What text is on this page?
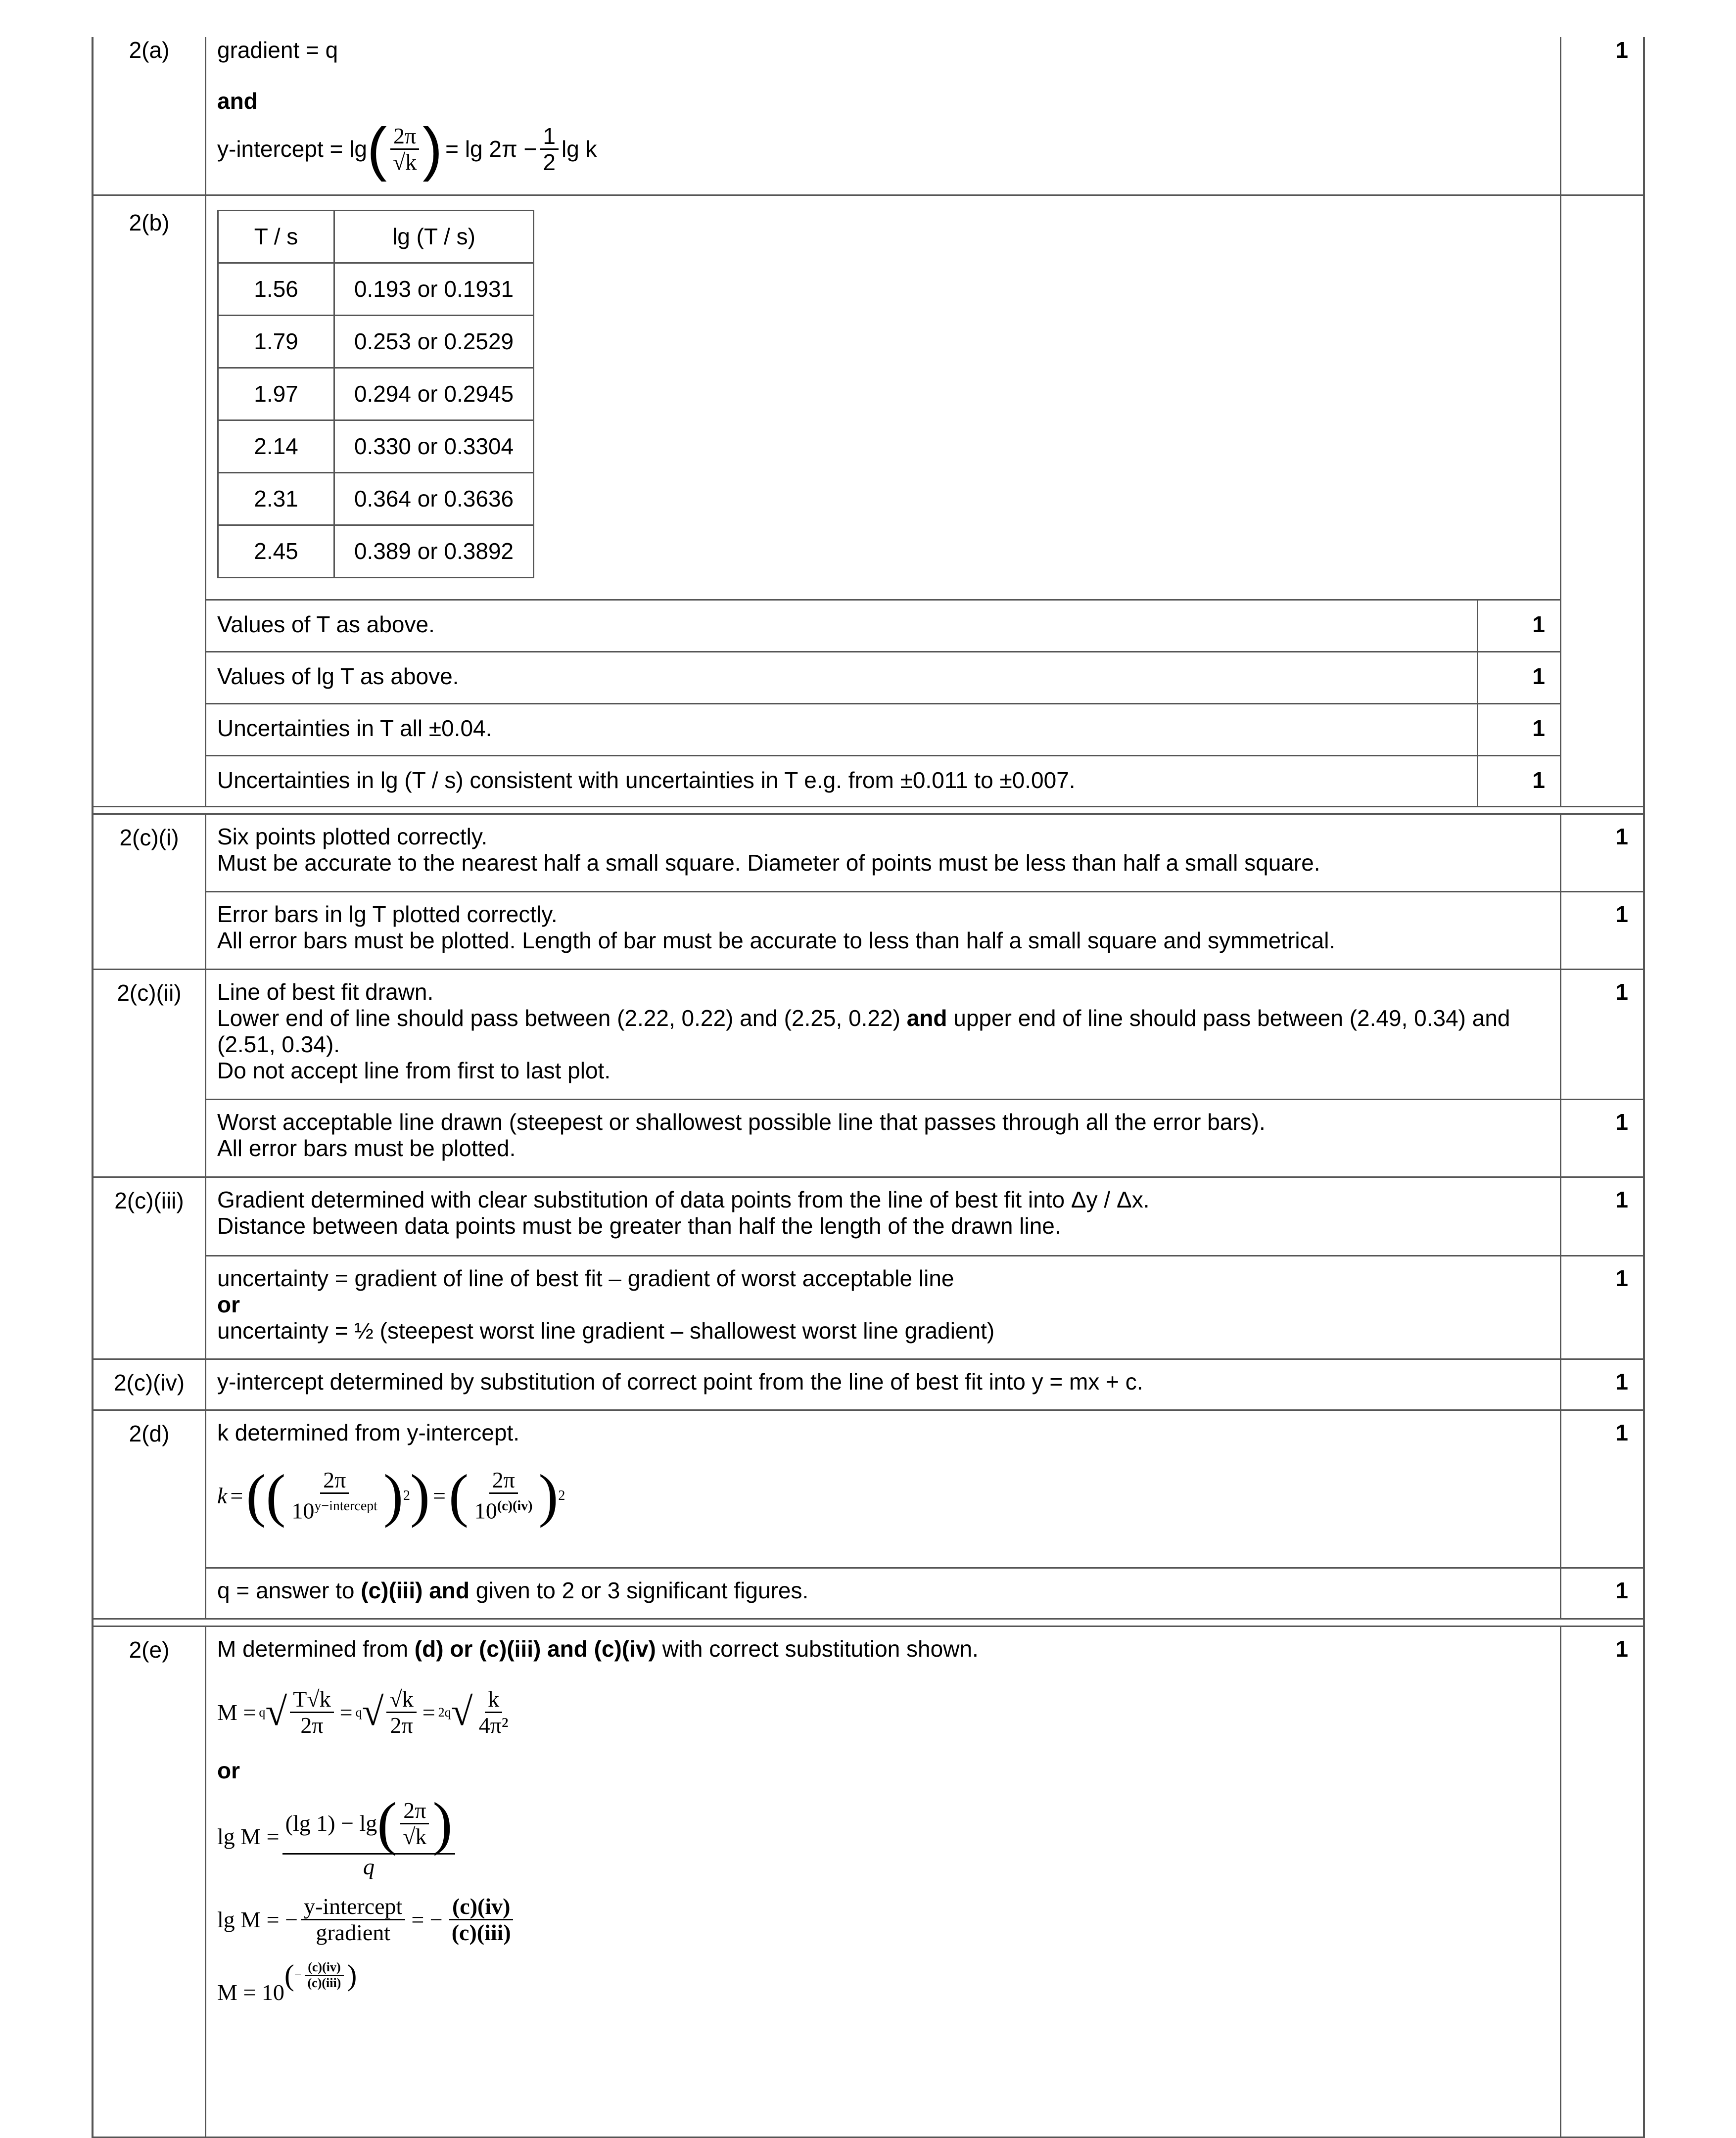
2(a)	gradient = q
and
y-intercept = lg ( $\frac{2\pi}{√k}$ ) = $\lg 2\pi - \frac{1}{2}$ lg k
1
2(b)
T / s	lg (T / s)
1.56	0.193 or 0.1931
1.79	0.253 or 0.2529
1.97	0.294 or 0.2945
2.14	0.330 or 0.3304
2.31	0.364 or 0.3636
2.45	0.389 or 0.3892
Values of T as above.	1
Values of lg T as above.	1
Uncertainties in T all ±0.04.	1
Uncertainties in lg (T / s) consistent with uncertainties in T e.g. from ±0.011 to ±0.007.	1
2(c)(i)	Six points plotted correctly.
Must be accurate to the nearest half a small square. Diameter of points must be less than half a small square.
1
Error bars in lg T plotted correctly.
All error bars must be plotted. Length of bar must be accurate to less than half a small square and symmetrical.
1
2(c)(ii)	Line of best fit drawn.
Lower end of line should pass between (2.22, 0.22) and (2.25, 0.22) and upper end of line should pass between (2.49, 0.34) and (2.51, 0.34).
Do not accept line from first to last plot.
1
Worst acceptable line drawn (steepest or shallowest possible line that passes through all the error bars).
All error bars must be plotted.
1
2(c)(iii)	Gradient determined with clear substitution of data points from the line of best fit into Δy / Δx.
Distance between data points must be greater than half the length of the drawn line.
1
uncertainty = gradient of line of best fit – gradient of worst acceptable line
or
uncertainty = ½ (steepest worst line gradient – shallowest worst line gradient)
1
2(c)(iv)	y-intercept determined by substitution of correct point from the line of best fit into y = mx + c.	1
2(d)	k determined from y-intercept.
k = ( ( $\frac{2\pi}{10^{y-intercept}}$ ) 2 ) = ( $\frac{2\pi}{10^{(c)(iv)}}$ ) 2
1
q = answer to (c)(iii) and given to 2 or 3 significant figures.	1
2(e)	M determined from (d) or (c)(iii) and (c)(iv) with correct substitution shown.
M = q √ $\frac{T√k}{2\pi} = q$ √ $\frac{√k}{2\pi} = 2q$ √ $\frac{k}{\text{4π²}}$
or
$\lg M = \frac{(\lg 1) - \lg ( \frac{2\pi}{√k} )}{q}$
lg M = − $\frac{\text{y-intercept}}{\text{gradient}}$ = − $\frac{(c)(iv)}{\text{(c)(iii)}}$
M = 10
( − $\frac{(c)(iv)}{\text{(c)(iii)}}$ )
1
